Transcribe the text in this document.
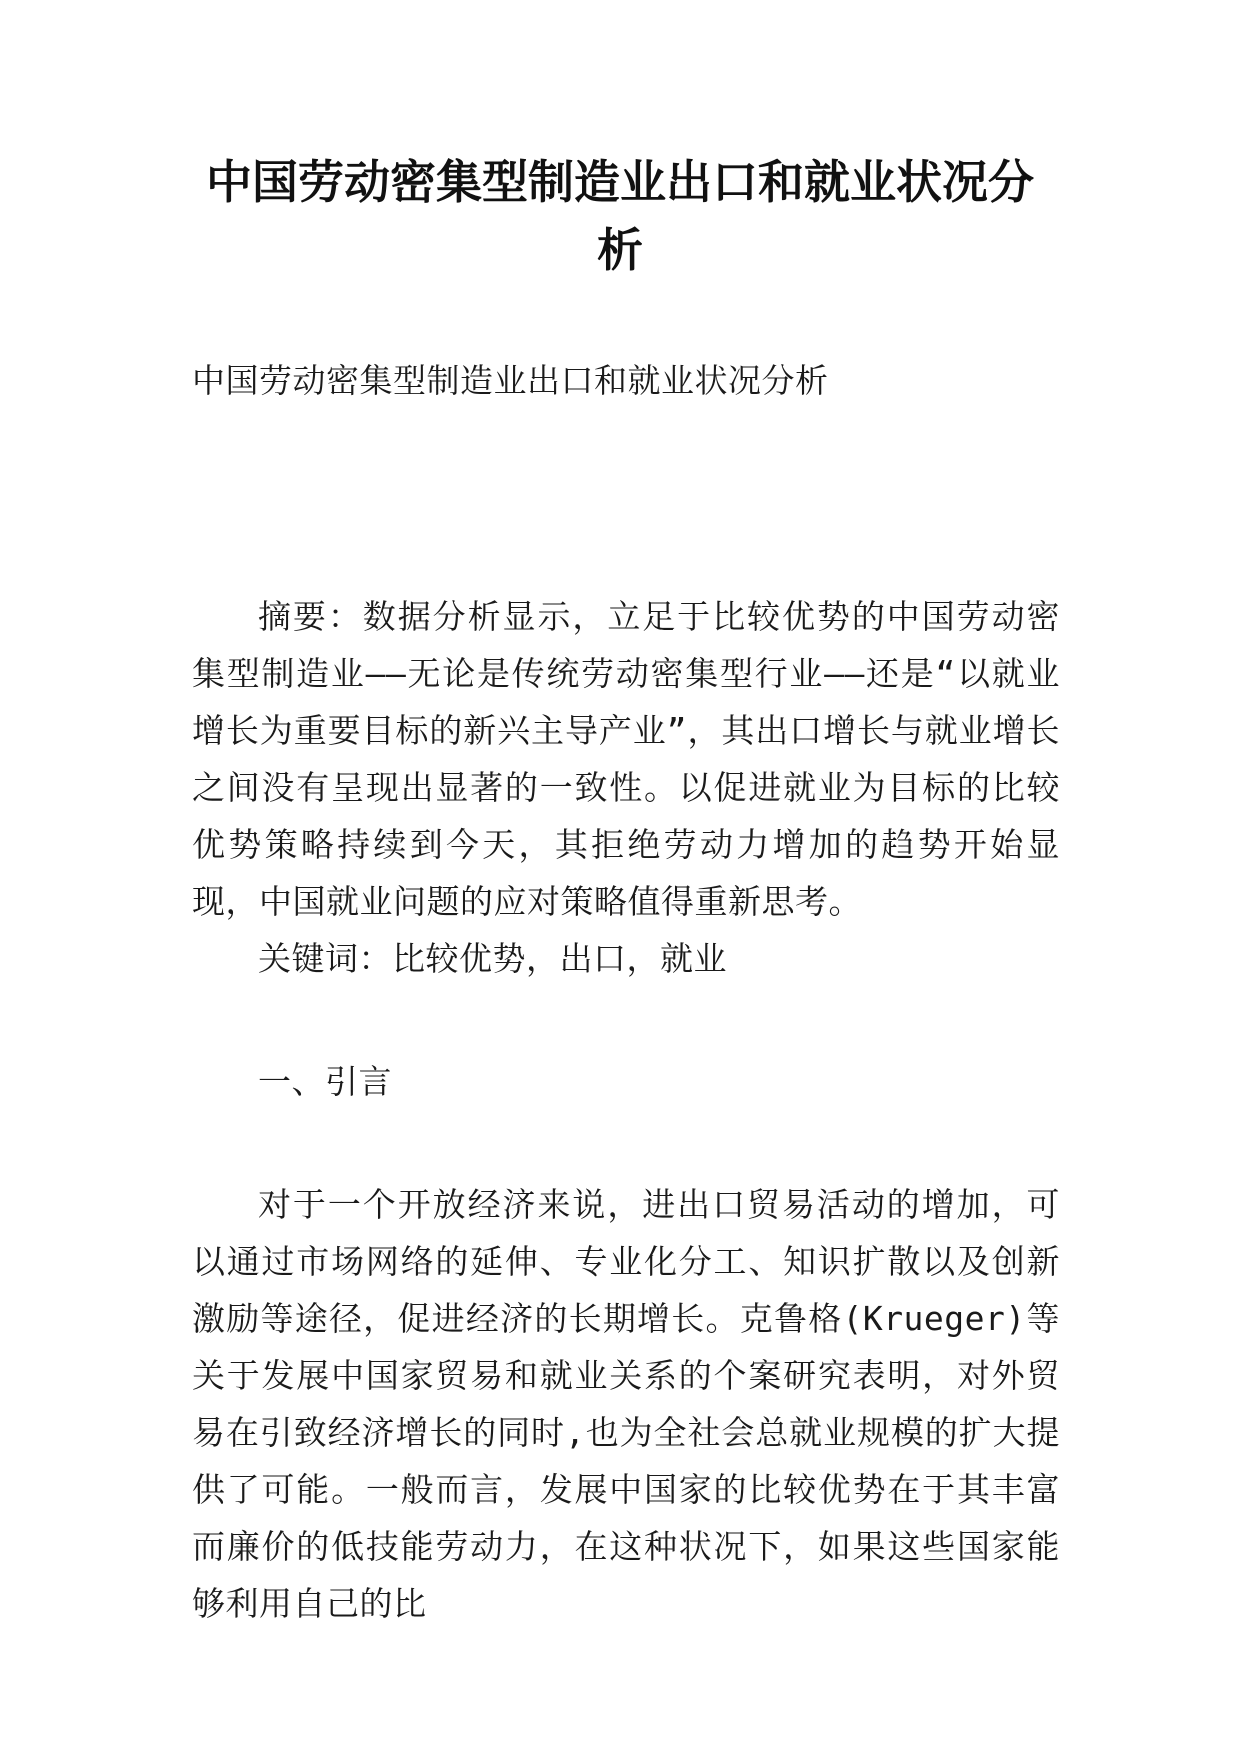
中国劳动密集型制造业出口和就业状况分析

中国劳动密集型制造业出口和就业状况分析

摘要：数据分析显示，立足于比较优势的中国劳动密集型制造业——无论是传统劳动密集型行业——还是“以就业增长为重要目标的新兴主导产业”，其出口增长与就业增长之间没有呈现出显著的一致性。以促进就业为目标的比较优势策略持续到今天，其拒绝劳动力增加的趋势开始显现，中国就业问题的应对策略值得重新思考。

关键词：比较优势，出口，就业

一、引言

对于一个开放经济来说，进出口贸易活动的增加，可以通过市场网络的延伸、专业化分工、知识扩散以及创新激励等途径，促进经济的长期增长。克鲁格(Krueger)等关于发展中国家贸易和就业关系的个案研究表明，对外贸易在引致经济增长的同时,也为全社会总就业规模的扩大提供了可能。一般而言，发展中国家的比较优势在于其丰富而廉价的低技能劳动力，在这种状况下，如果这些国家能够利用自己的比
